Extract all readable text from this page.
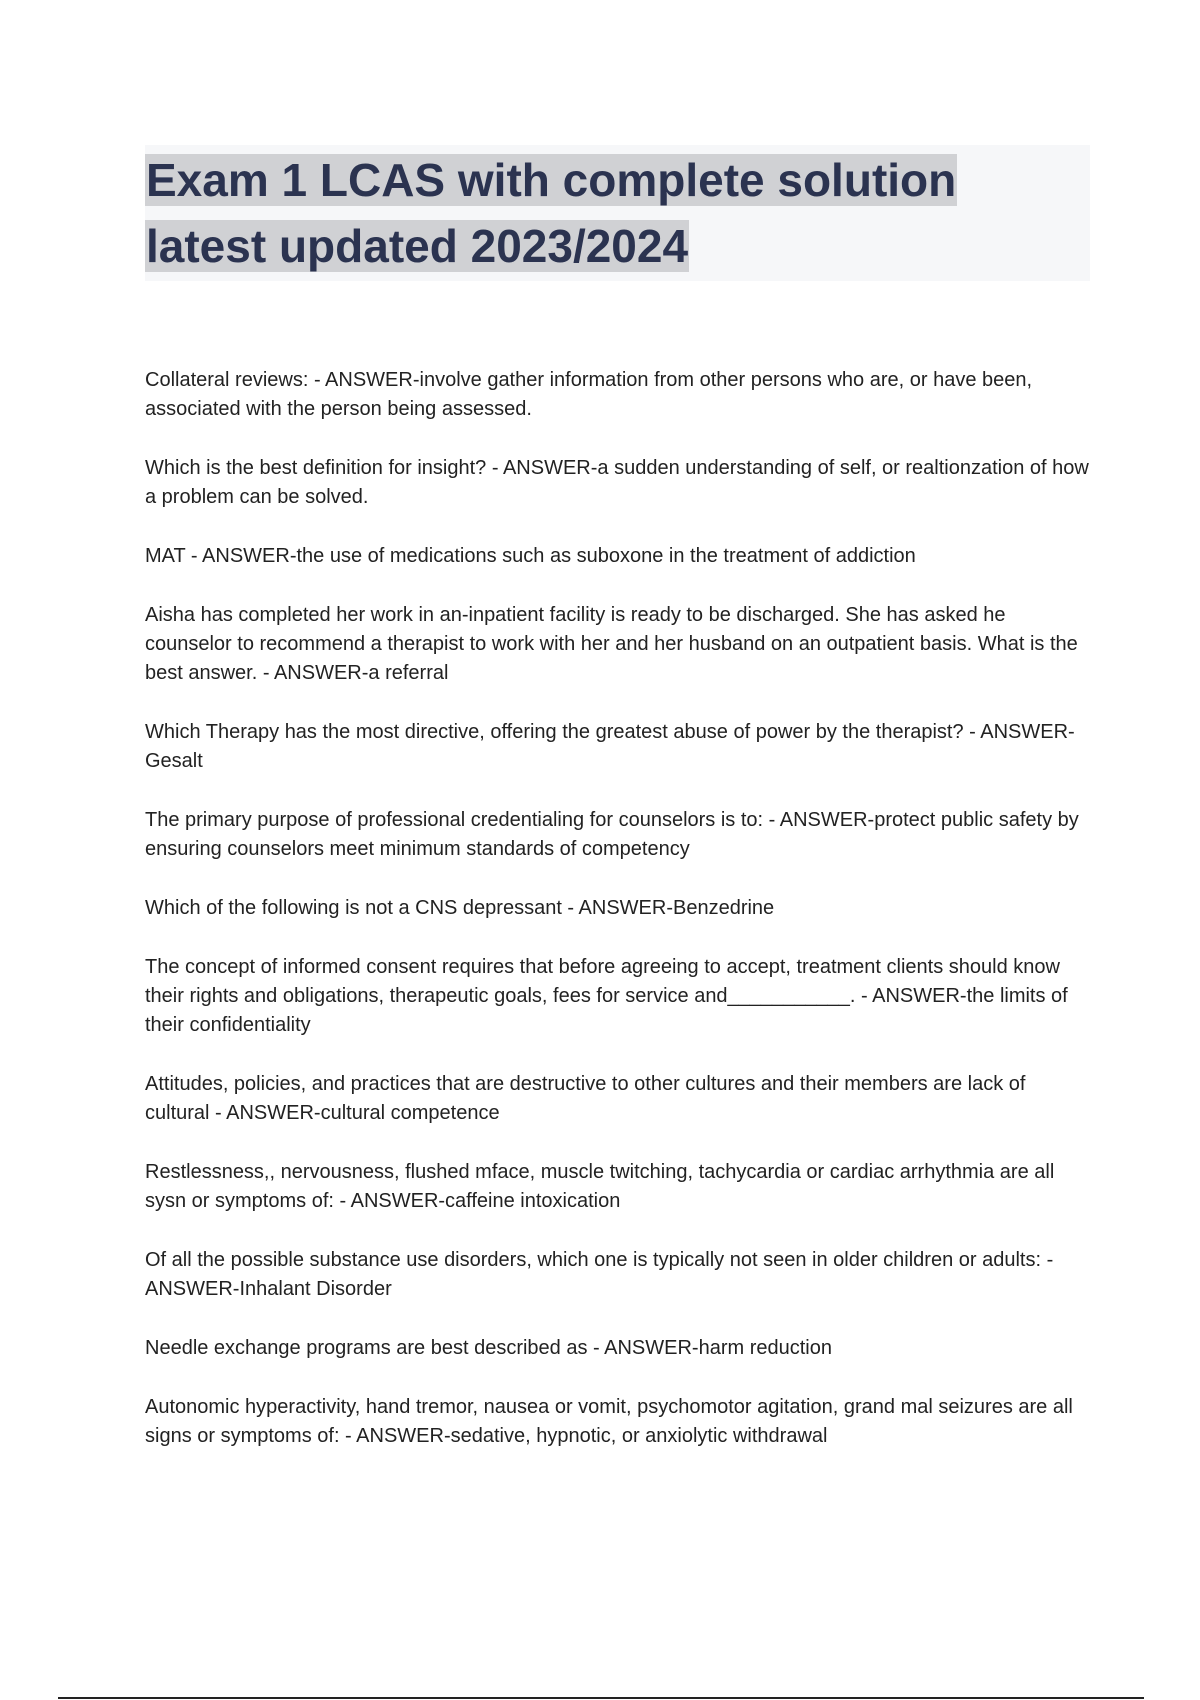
Exam 1 LCAS with complete solution
latest updated 2023/2024
Collateral reviews: - ANSWER-involve gather information from other persons who are, or have been, associated with the person being assessed.
Which is the best definition for insight? - ANSWER-a sudden understanding of self, or realtionzation of how a problem can be solved.
MAT - ANSWER-the use of medications such as suboxone in the treatment of addiction
Aisha has completed her work in an-inpatient facility is ready to be discharged. She has asked he counselor to recommend a therapist to work with her and her husband on an outpatient basis. What is the best answer. - ANSWER-a referral
Which Therapy has the most directive, offering the greatest abuse of power by the therapist? - ANSWER-Gesalt
The primary purpose of professional credentialing for counselors is to: - ANSWER-protect public safety by ensuring counselors meet minimum standards of competency
Which of the following is not a CNS depressant - ANSWER-Benzedrine
The concept of informed consent requires that before agreeing to accept, treatment clients should know their rights and obligations, therapeutic goals, fees for service and___________. - ANSWER-the limits of their confidentiality
Attitudes, policies, and practices that are destructive to other cultures and their members are lack of cultural - ANSWER-cultural competence
Restlessness,, nervousness, flushed mface, muscle twitching, tachycardia or cardiac arrhythmia are all sysn or symptoms of: - ANSWER-caffeine intoxication
Of all the possible substance use disorders, which one is typically not seen in older children or adults: - ANSWER-Inhalant Disorder
Needle exchange programs are best described as - ANSWER-harm reduction
Autonomic hyperactivity, hand tremor, nausea or vomit, psychomotor agitation, grand mal seizures are all signs or symptoms of: - ANSWER-sedative, hypnotic, or anxiolytic withdrawal
